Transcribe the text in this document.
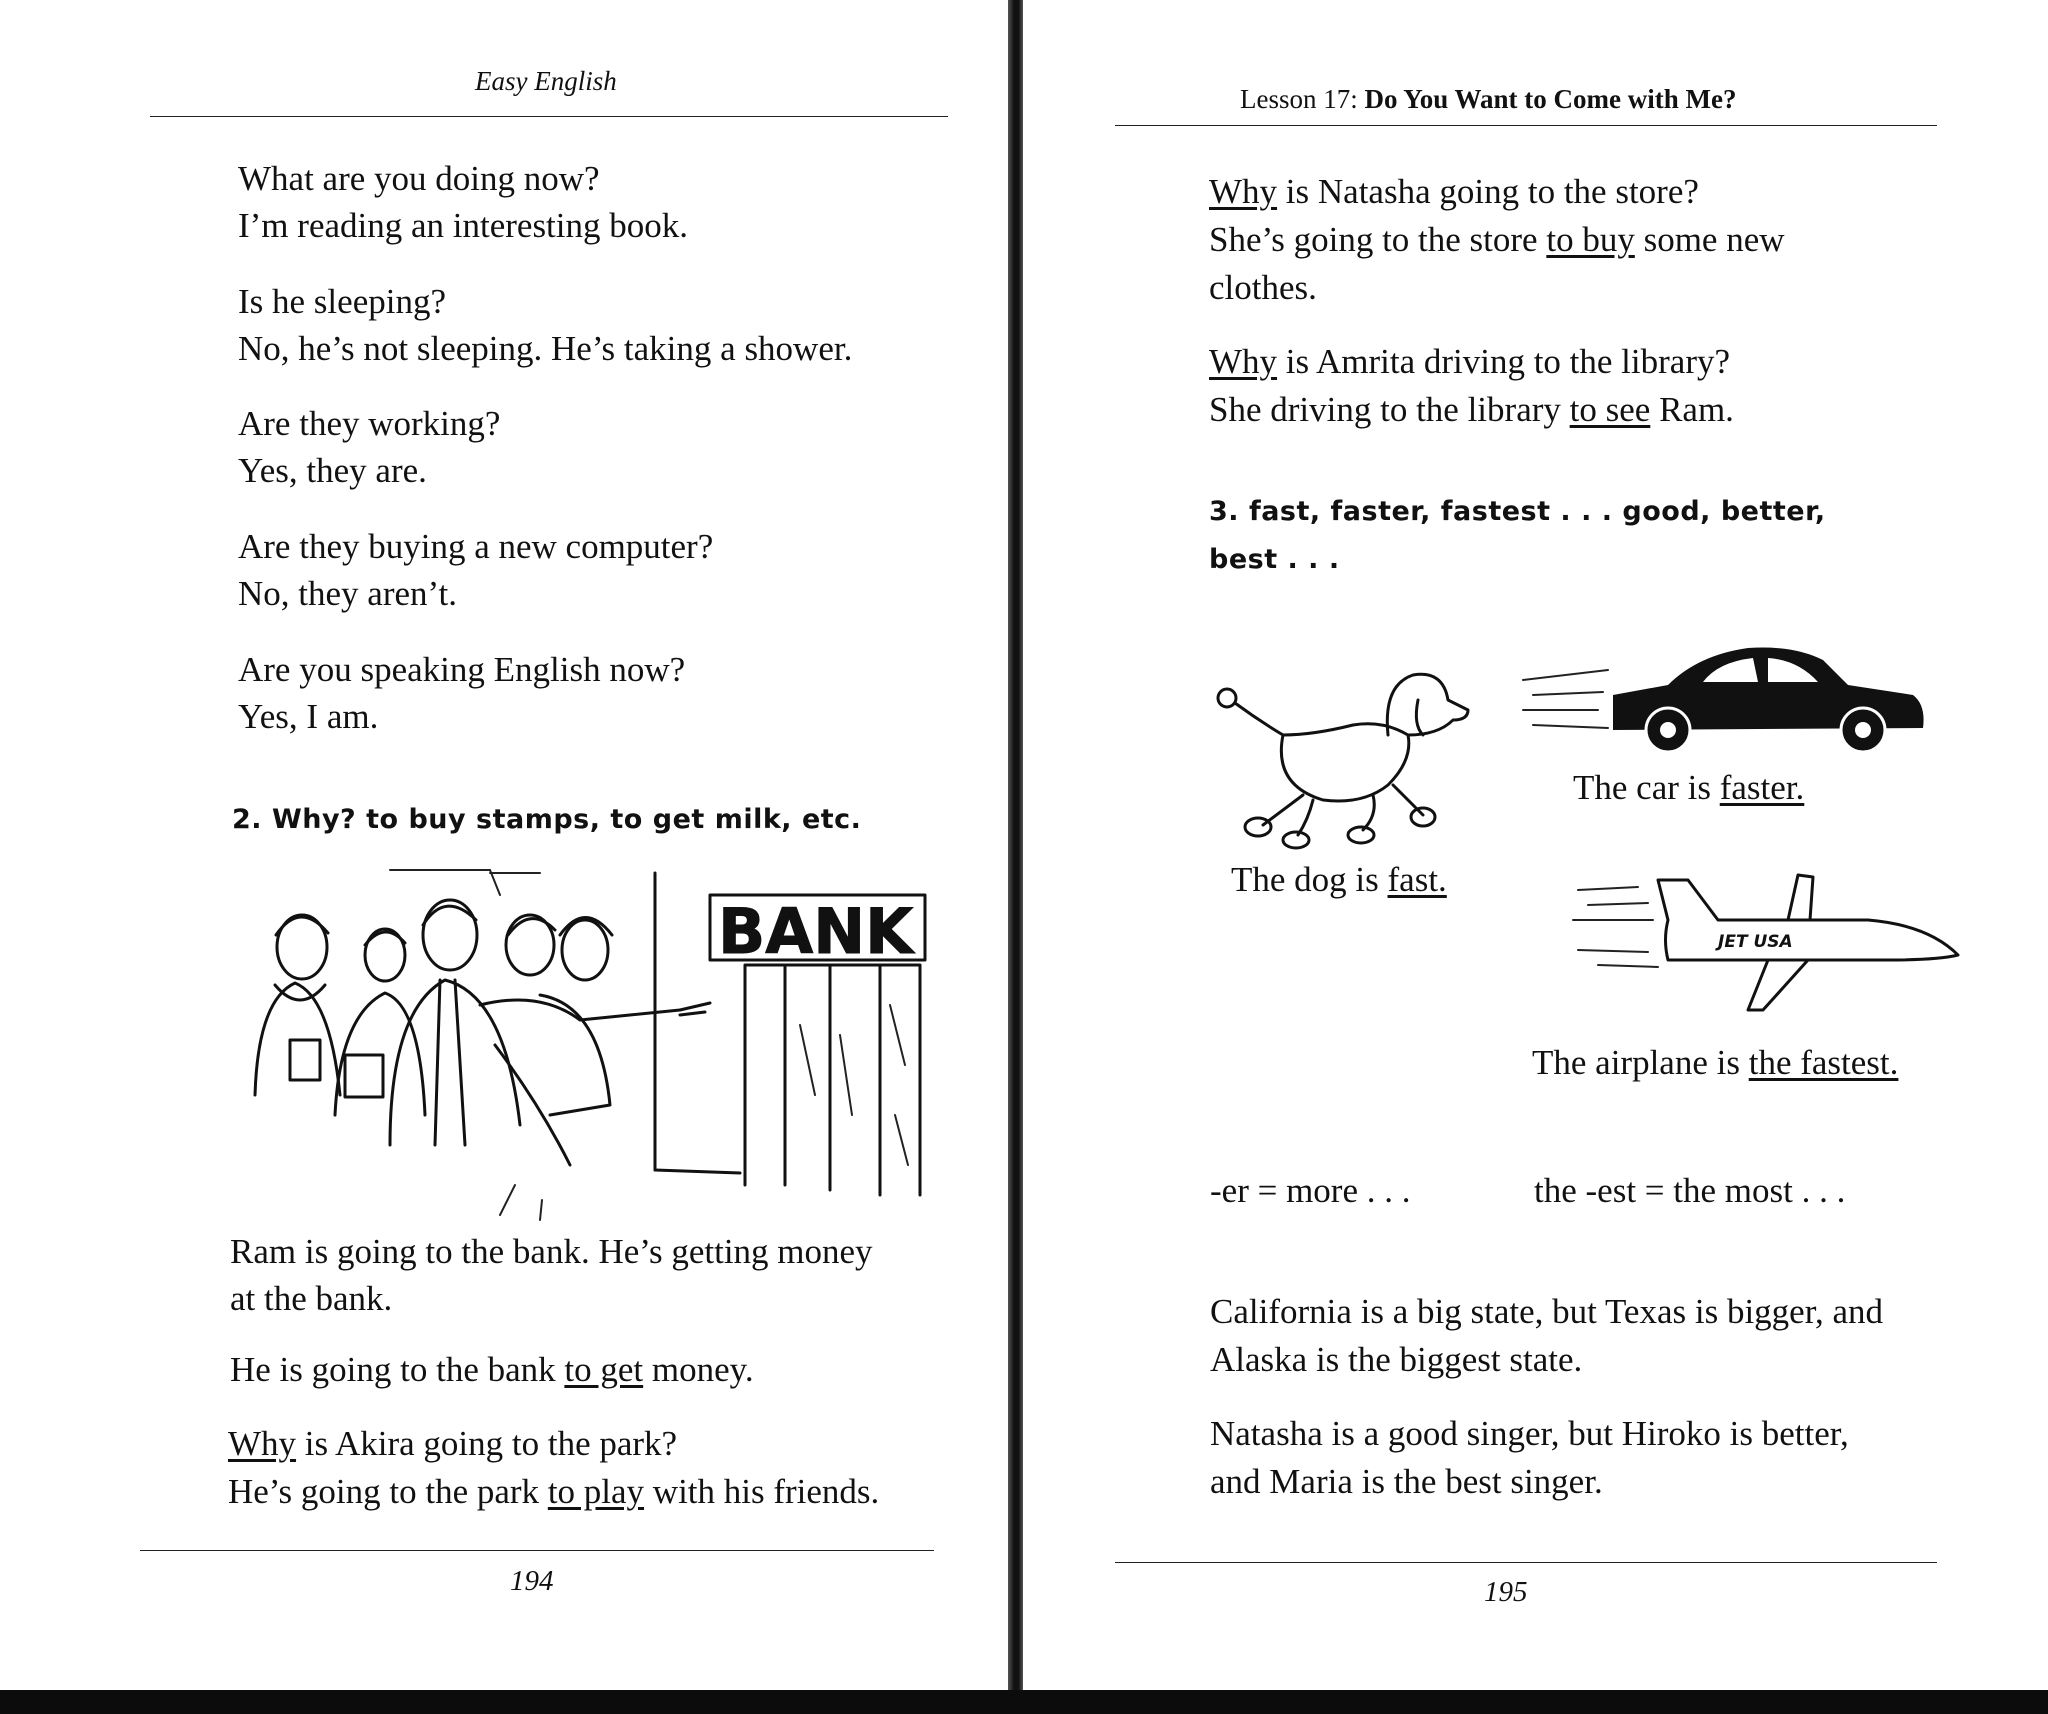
Easy English
What are you doing now?
I’m reading an interesting book.
Is he sleeping?
No, he’s not sleeping. He’s taking a shower.
Are they working?
Yes, they are.
Are they buying a new computer?
No, they aren’t.
Are you speaking English now?
Yes, I am.
2. Why? to buy stamps, to get milk, etc.
BANK
Ram is going to the bank. He’s getting money
at the bank.
He is going to the bank to get money.
Why is Akira going to the park?
He’s going to the park to play with his friends.
194
Lesson 17: Do You Want to Come with Me?
Why is Natasha going to the store?
She’s going to the store to buy some new
clothes.
Why is Amrita driving to the library?
She driving to the library to see Ram.
3. fast, faster, fastest . . . good, better,
best . . .
The dog is fast.
The car is faster.
JET USA
The airplane is the fastest.
-er = more . . .	the -est = the most . . .
California is a big state, but Texas is bigger, and
Alaska is the biggest state.
Natasha is a good singer, but Hiroko is better,
and Maria is the best singer.
195
